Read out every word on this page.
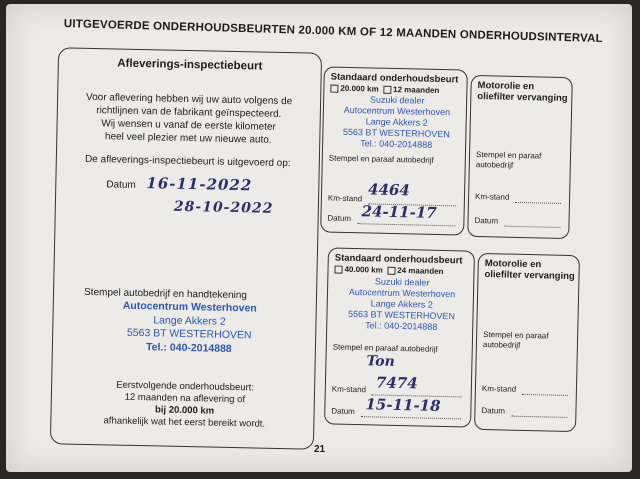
UITGEVOERDE ONDERHOUDSBEURTEN 20.000 KM OF 12 MAANDEN ONDERHOUDSINTERVAL
Afleverings-inspectiebeurt
Voor aflevering hebben wij uw auto volgens de
richtlijnen van de fabrikant geïnspecteerd.
Wij wensen u vanaf de eerste kilometer
heel veel plezier met uw nieuwe auto.
De afleverings-inspectiebeurt is uitgevoerd op:
Datum 16-11-2022
28-10-2022
Stempel autobedrijf en handtekening
Autocentrum Westerhoven
Lange Akkers 2
5563 BT WESTERHOVEN
Tel.: 040-2014888
Eerstvolgende onderhoudsbeurt:
12 maanden na aflevering of
bij 20.000 km
afhankelijk wat het eerst bereikt wordt.
Standaard onderhoudsbeurt
20.000 km 12 maanden
Suzuki dealer
Autocentrum Westerhoven
Lange Akkers 2
5563 BT WESTERHOVEN
Tel.: 040-2014888
Stempel en paraaf autobedrijf
Km-stand 4464
Datum 24-11-17
Motorolie en oliefilter vervanging
Stempel en paraaf autobedrijf
Km-stand
Datum
Standaard onderhoudsbeurt
40.000 km 24 maanden
Suzuki dealer
Autocentrum Westerhoven
Lange Akkers 2
5563 BT WESTERHOVEN
Tel.: 040-2014888
Stempel en paraaf autobedrijf
Ton
Km-stand 7474
Datum 15-11-18
Motorolie en oliefilter vervanging
Stempel en paraaf autobedrijf
Km-stand
Datum
21
